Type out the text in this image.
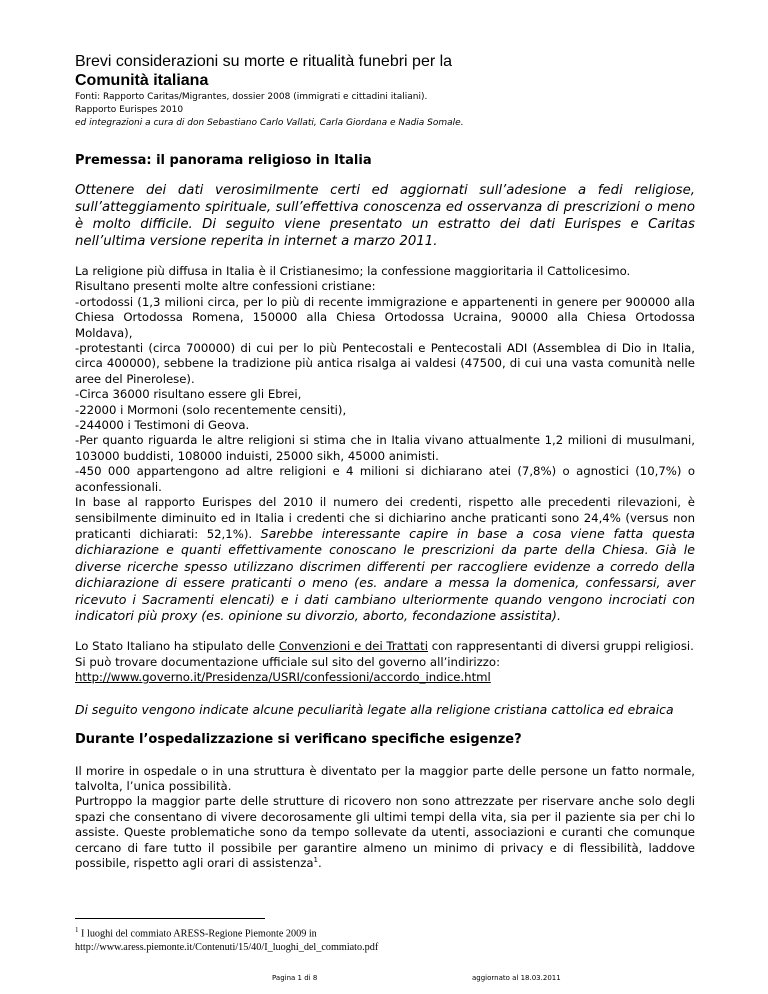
Brevi considerazioni su morte e ritualità funebri per la

Comunità italiana

Fonti: Rapporto Caritas/Migrantes, dossier 2008 (immigrati e cittadini italiani).

Rapporto Eurispes 2010

ed integrazioni a cura di don Sebastiano Carlo Vallati, Carla Giordana e Nadia Somale.

Premessa: il panorama religioso in Italia

Ottenere dei dati verosimilmente certi ed aggiornati sull’adesione a fedi religiose, sull’atteggiamento spirituale, sull’effettiva conoscenza ed osservanza di prescrizioni o meno è molto difficile. Di seguito viene presentato un estratto dei dati Eurispes e Caritas nell’ultima versione reperita in internet a marzo 2011.

La religione più diffusa in Italia è il Cristianesimo; la confessione maggioritaria il Cattolicesimo.
Risultano presenti molte altre confessioni cristiane:
-ortodossi (1,3 milioni circa, per lo più di recente immigrazione e appartenenti in genere per 900000 alla Chiesa Ortodossa Romena, 150000 alla Chiesa Ortodossa Ucraina, 90000 alla Chiesa Ortodossa Moldava),
-protestanti (circa 700000) di cui per lo più Pentecostali e Pentecostali ADI (Assemblea di Dio in Italia, circa 400000), sebbene la tradizione più antica risalga ai valdesi (47500, di cui una vasta comunità nelle aree del Pinerolese).
-Circa 36000 risultano essere gli Ebrei,
-22000 i Mormoni (solo recentemente censiti),
-244000 i Testimoni di Geova.
-Per quanto riguarda le altre religioni si stima che in Italia vivano attualmente 1,2 milioni di musulmani, 103000 buddisti, 108000 induisti, 25000 sikh, 45000 animisti.
-450 000 appartengono ad altre religioni e 4 milioni si dichiarano atei (7,8%) o agnostici (10,7%) o aconfessionali.
In base al rapporto Eurispes del 2010 il numero dei credenti, rispetto alle precedenti rilevazioni, è sensibilmente diminuito ed in Italia i credenti che si dichiarino anche praticanti sono 24,4% (versus non praticanti dichiarati: 52,1%). Sarebbe interessante capire in base a cosa viene fatta questa dichiarazione e quanti effettivamente conoscano le prescrizioni da parte della Chiesa. Già le diverse ricerche spesso utilizzano discrimen differenti per raccogliere evidenze a corredo della dichiarazione di essere praticanti o meno (es. andare a messa la domenica, confessarsi, aver ricevuto i Sacramenti elencati) e i dati cambiano ulteriormente quando vengono incrociati con indicatori più proxy (es. opinione su divorzio, aborto, fecondazione assistita).

Lo Stato Italiano ha stipulato delle Convenzioni e dei Trattati con rappresentanti di diversi gruppi religiosi.

Si può trovare documentazione ufficiale sul sito del governo all’indirizzo:

http://www.governo.it/Presidenza/USRI/confessioni/accordo_indice.html

Di seguito vengono indicate alcune peculiarità legate alla religione cristiana cattolica ed ebraica

Durante l’ospedalizzazione si verificano specifiche esigenze?

Il morire in ospedale o in una struttura è diventato per la maggior parte delle persone un fatto normale, talvolta, l’unica possibilità.

Purtroppo la maggior parte delle strutture di ricovero non sono attrezzate per riservare anche solo degli spazi che consentano di vivere decorosamente gli ultimi tempi della vita, sia per il paziente sia per chi lo assiste. Queste problematiche sono da tempo sollevate da utenti, associazioni e curanti che comunque cercano di fare tutto il possibile per garantire almeno un minimo di privacy e di flessibilità, laddove possibile, rispetto agli orari di assistenza$^1$.

$^1$ I luoghi del commiato ARESS-Regione Piemonte 2009 in
http://www.aress.piemonte.it/Contenuti/15/40/I_luoghi_del_commiato.pdf
Pagina 1 di 8	aggiornato al 18.03.2011
